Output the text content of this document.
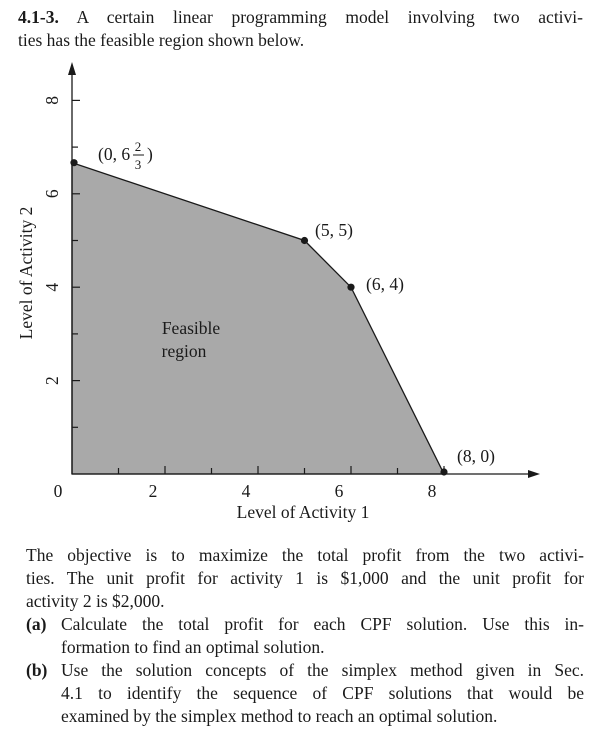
4.1-3. A certain linear programming model involving two activi-
ties has the feasible region shown below.
0	2	4	6	8
2
4
6
8
Feasible
region
Level of Activity 1
Level of Activity 2
(0, 6 2
3
)
(5, 5)
(6, 4)
(8, 0)
The objective is to maximize the total profit from the two activi-
ties. The unit profit for activity 1 is $1,000 and the unit profit for
activity 2 is $2,000.
(a) Calculate the total profit for each CPF solution. Use this in-
formation to find an optimal solution.
(b) Use the solution concepts of the simplex method given in Sec.
4.1 to identify the sequence of CPF solutions that would be
examined by the simplex method to reach an optimal solution.
